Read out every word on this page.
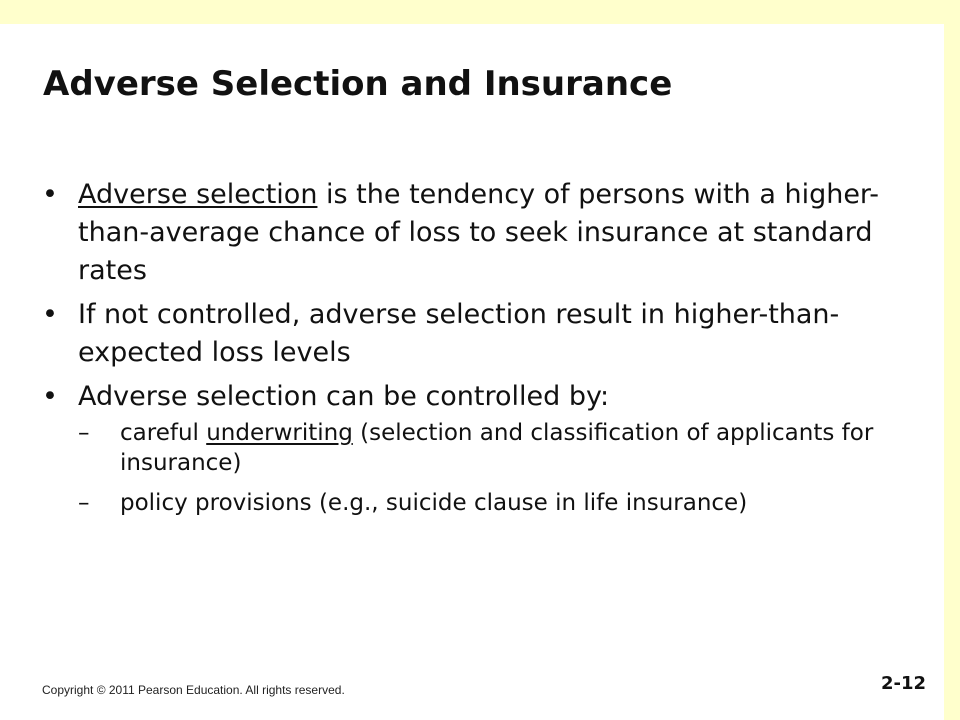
Adverse Selection and Insurance
• Adverse selection is the tendency of persons with a higher-than-average chance of loss to seek insurance at standard rates
• If not controlled, adverse selection result in higher-than-expected loss levels
• Adverse selection can be controlled by:
– careful underwriting (selection and classification of applicants for insurance)
– policy provisions (e.g., suicide clause in life insurance)
Copyright © 2011 Pearson Education. All rights reserved.	2-12
